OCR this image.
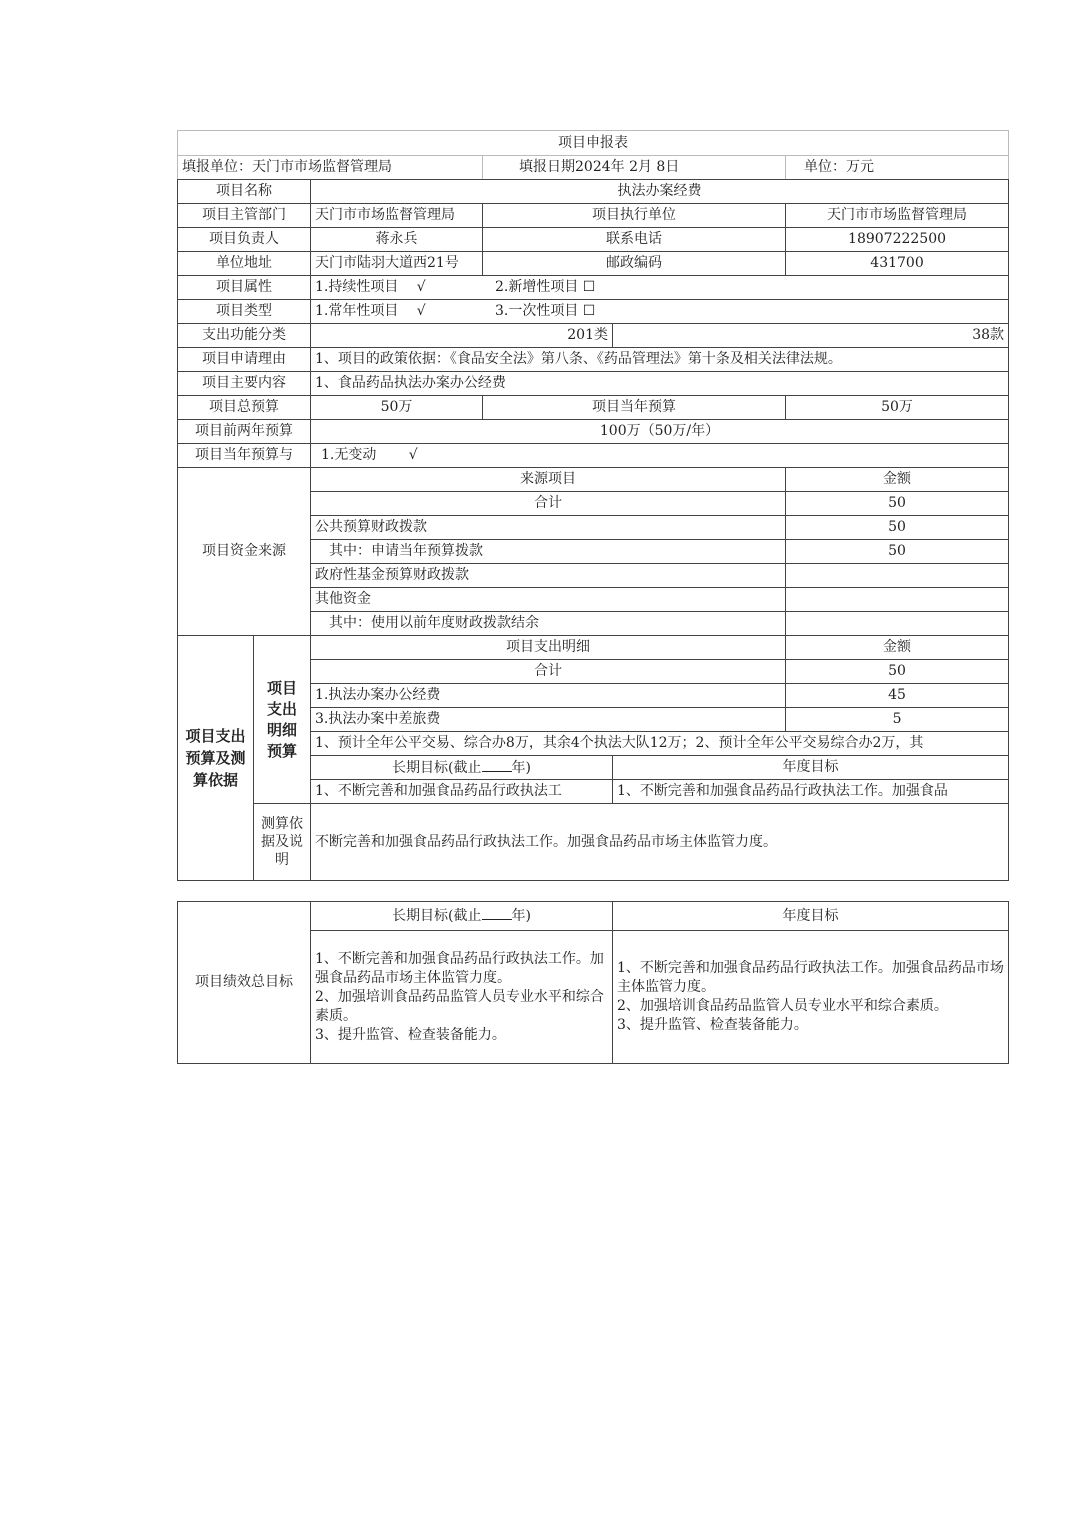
项目申报表					
填报单位：天门市市场监督管理局			填报日期2024年 2月 8日		单位：万元
项目名称		执法办案经费			
项目主管部门		天门市市场监督管理局	项目执行单位		天门市市场监督管理局
项目负责人		蒋永兵	联系电话		18907222500
单位地址		天门市陆羽大道西21号	邮政编码		431700
项目属性		1.持续性项目　 √ 2.新增性项目 ☐			
项目类型		1.常年性项目　 √ 3.一次性项目 ☐			
支出功能分类		201类		38款	
项目申请理由		1、项目的政策依据：《食品安全法》第八条、《药品管理法》第十条及相关法律法规。			
项目主要内容		1、食品药品执法办案办公经费			
项目总预算		50万	项目当年预算		50万
项目前两年预算		100万（50万/年）			
项目当年预算与		1.无变动　　 √			
项目资金来源		来源项目			金额
		合计			50
		公共预算财政拨款			50
		　其中：申请当年预算拨款			50
		政府性基金预算财政拨款			
		其他资金			
		　其中：使用以前年度财政拨款结余			
项目支出预算及测算依据	项目支出明细预算	项目支出明细			金额
		合计			50
		1.执法办案办公经费			45
		3.执法办案中差旅费			5
		1、预计全年公平交易、综合办8万，其余4个执法大队12万；2、预计全年公平交易综合办2万，其			
		长期目标(截止 年)		年度目标	
		1、不断完善和加强食品药品行政执法工		1、不断完善和加强食品药品行政执法工作。加强食品	
	测算依据及说明	不断完善和加强食品药品行政执法工作。加强食品药品市场主体监管力度。			
项目绩效总目标	长期目标(截止 年)	年度目标
	1、不断完善和加强食品药品行政执法工作。加强食品药品市场主体监管力度。
2、加强培训食品药品监管人员专业水平和综合素质。
3、提升监管、检查装备能力。	1、不断完善和加强食品药品行政执法工作。加强食品药品市场主体监管力度。
2、加强培训食品药品监管人员专业水平和综合素质。
3、提升监管、检查装备能力。
